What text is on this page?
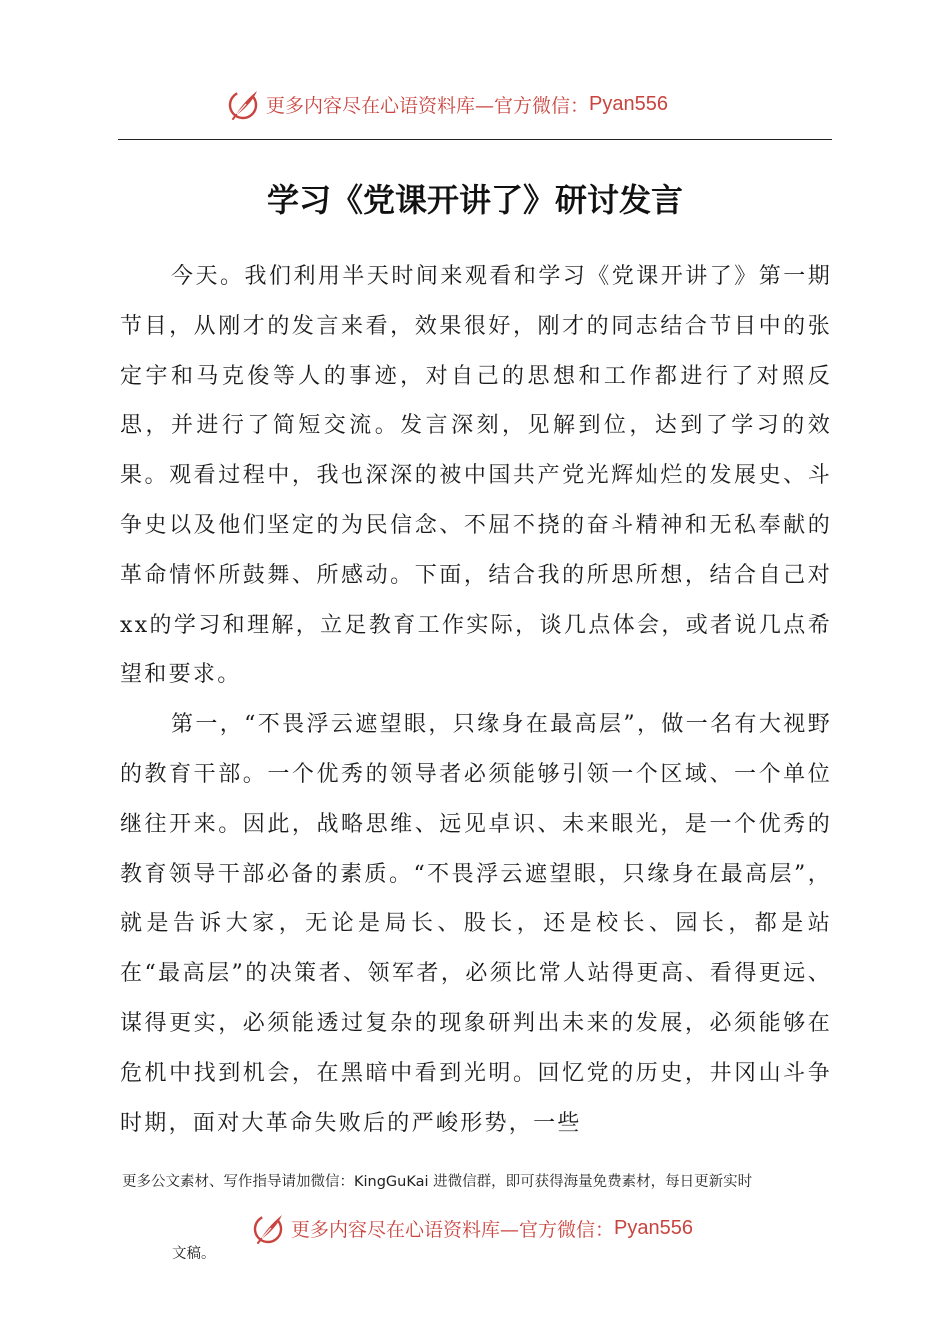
更多内容尽在心语资料库—官方微信： Pyan556
学习《党课开讲了》研讨发言

今天。我们利用半天时间来观看和学习《党课开讲了》第一期节目，从刚才的发言来看，效果很好，刚才的同志结合节目中的张定宇和马克俊等人的事迹，对自己的思想和工作都进行了对照反思，并进行了简短交流。发言深刻，见解到位，达到了学习的效果。观看过程中，我也深深的被中国共产党光辉灿烂的发展史、斗争史以及他们坚定的为民信念、不屈不挠的奋斗精神和无私奉献的革命情怀所鼓舞、所感动。下面，结合我的所思所想，结合自己对xx的学习和理解，立足教育工作实际，谈几点体会，或者说几点希望和要求。

第一，“不畏浮云遮望眼，只缘身在最高层”，做一名有大视野的教育干部。一个优秀的领导者必须能够引领一个区域、一个单位继往开来。因此，战略思维、远见卓识、未来眼光，是一个优秀的教育领导干部必备的素质。“不畏浮云遮望眼，只缘身在最高层”，就是告诉大家，无论是局长、股长，还是校长、园长，都是站在“最高层”的决策者、领军者，必须比常人站得更高、看得更远、谋得更实，必须能透过复杂的现象研判出未来的发展，必须能够在危机中找到机会，在黑暗中看到光明。回忆党的历史，井冈山斗争时期，面对大革命失败后的严峻形势，一些

更多公文素材、写作指导请加微信：KingGuKai 进微信群，即可获得海量免费素材，每日更新实时
更多内容尽在心语资料库—官方微信： Pyan556
文稿。
